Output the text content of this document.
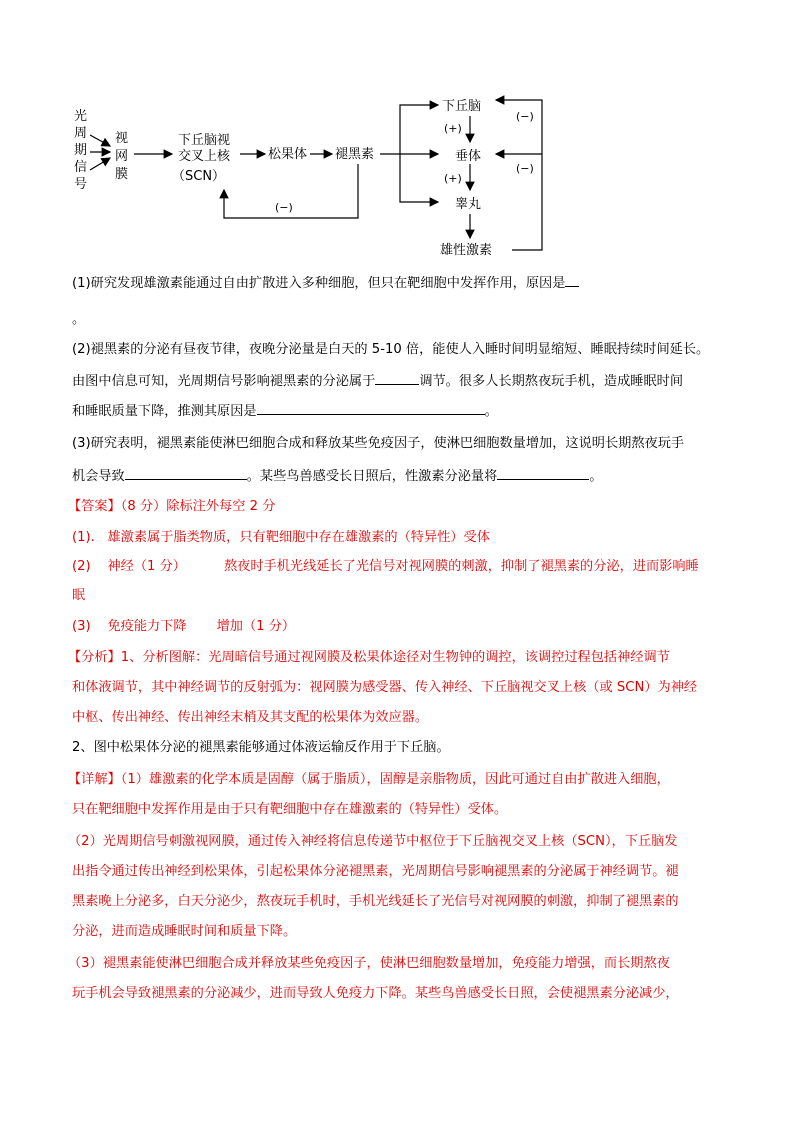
光
周
期
信
号
视
网
膜
下丘脑视
交叉上核
（SCN）
松果体 褪黑素
(−)
下丘脑
垂体
睾丸
雄性激素
(+)
(+)
(−)
(−)
(1)研究发现雄激素能通过自由扩散进入多种细胞，但只在靶细胞中发挥作用，原因是
。
(2)褪黑素的分泌有昼夜节律，夜晚分泌量是白天的 5-10 倍，能使人入睡时间明显缩短、睡眠持续时间延长。
由图中信息可知，光周期信号影响褪黑素的分泌属于	调节。很多人长期熬夜玩手机，造成睡眠时间
和睡眠质量下降，推测其原因是	。
(3)研究表明，褪黑素能使淋巴细胞合成和释放某些免疫因子，使淋巴细胞数量增加，这说明长期熬夜玩手
机会导致	。某些鸟兽感受长日照后，性激素分泌量将	。
【答案】（8 分）除标注外每空 2 分
(1). 雄激素属于脂类物质，只有靶细胞中存在雄激素的（特异性）受体
(2) 神经（1 分）	熬夜时手机光线延长了光信号对视网膜的刺激，抑制了褪黑素的分泌，进而影响睡
眠
(3) 免疫能力下降 增加（1 分）
【分析】1、分析图解：光周暗信号通过视网膜及松果体途径对生物钟的调控，该调控过程包括神经调节
和体液调节，其中神经调节的反射弧为：视网膜为感受器、传入神经、下丘脑视交叉上核（或 SCN）为神经
中枢、传出神经、传出神经末梢及其支配的松果体为效应器。
2、图中松果体分泌的褪黑素能够通过体液运输反作用于下丘脑。
【详解】（1）雄激素的化学本质是固醇（属于脂质），固醇是亲脂物质，因此可通过自由扩散进入细胞，
只在靶细胞中发挥作用是由于只有靶细胞中存在雄激素的（特异性）受体。
（2）光周期信号刺激视网膜，通过传入神经将信息传递节中枢位于下丘脑视交叉上核（SCN），下丘脑发
出指令通过传出神经到松果体，引起松果体分泌褪黑素，光周期信号影响褪黑素的分泌属于神经调节。褪
黑素晚上分泌多，白天分泌少，熬夜玩手机时，手机光线延长了光信号对视网膜的刺激，抑制了褪黑素的
分泌，进而造成睡眠时间和质量下降。
（3）褪黑素能使淋巴细胞合成并释放某些免疫因子，使淋巴细胞数量增加，免疫能力增强，而长期熬夜
玩手机会导致褪黑素的分泌减少，进而导致人免疫力下降。某些鸟兽感受长日照，会使褪黑素分泌减少，
